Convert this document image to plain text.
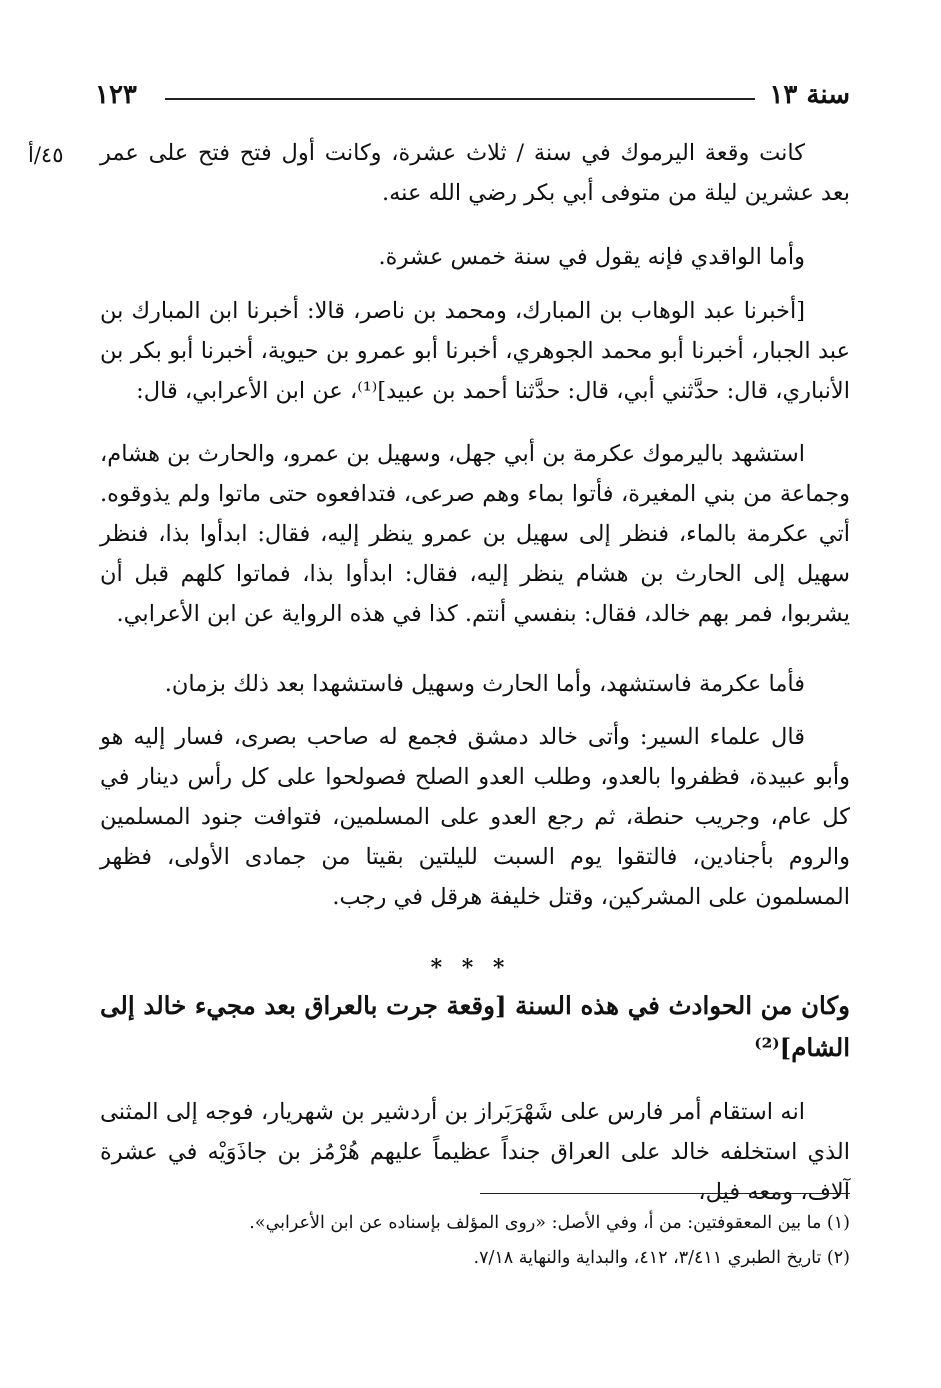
١٢٣	سنة ١٣
٤٥/أ كانت وقعة اليرموك في سنة / ثلاث عشرة، وكانت أول فتح فتح على عمر بعد عشرين ليلة من متوفى أبي بكر رضي الله عنه.

وأما الواقدي فإنه يقول في سنة خمس عشرة.

[أخبرنا عبد الوهاب بن المبارك، ومحمد بن ناصر، قالا: أخبرنا ابن المبارك بن عبد الجبار، أخبرنا أبو محمد الجوهري، أخبرنا أبو عمرو بن حيوية، أخبرنا أبو بكر بن الأنباري، قال: حدَّثني أبي، قال: حدَّثنا أحمد بن عبيد]⁽¹⁾، عن ابن الأعرابي، قال:

استشهد باليرموك عكرمة بن أبي جهل، وسهيل بن عمرو، والحارث بن هشام، وجماعة من بني المغيرة، فأتوا بماء وهم صرعى، فتدافعوه حتى ماتوا ولم يذوقوه. أتي عكرمة بالماء، فنظر إلى سهيل بن عمرو ينظر إليه، فقال: ابدأوا بذا، فنظر سهيل إلى الحارث بن هشام ينظر إليه، فقال: ابدأوا بذا، فماتوا كلهم قبل أن يشربوا، فمر بهم خالد، فقال: بنفسي أنتم. كذا في هذه الرواية عن ابن الأعرابي.

فأما عكرمة فاستشهد، وأما الحارث وسهيل فاستشهدا بعد ذلك بزمان.

قال علماء السير: وأتى خالد دمشق فجمع له صاحب بصرى، فسار إليه هو وأبو عبيدة، فظفروا بالعدو، وطلب العدو الصلح فصولحوا على كل رأس دينار في كل عام، وجريب حنطة، ثم رجع العدو على المسلمين، فتوافت جنود المسلمين والروم بأجنادين، فالتقوا يوم السبت لليلتين بقيتا من جمادى الأولى، فظهر المسلمون على المشركين، وقتل خليفة هرقل في رجب.

* * *
وكان من الحوادث في هذه السنة [وقعة جرت بالعراق بعد مجيء خالد إلى الشام]⁽²⁾

انه استقام أمر فارس على شَهْرَبَراز بن أردشير بن شهريار، فوجه إلى المثنى الذي استخلفه خالد على العراق جنداً عظيماً عليهم هُرْمُز بن جاذَوَيْه في عشرة آلاف، ومعه فيل،

(١) ما بين المعقوفتين: من أ، وفي الأصل: «روى المؤلف بإسناده عن ابن الأعرابي».
(٢) تاريخ الطبري ٣/٤١١، ٤١٢، والبداية والنهاية ٧/١٨.
